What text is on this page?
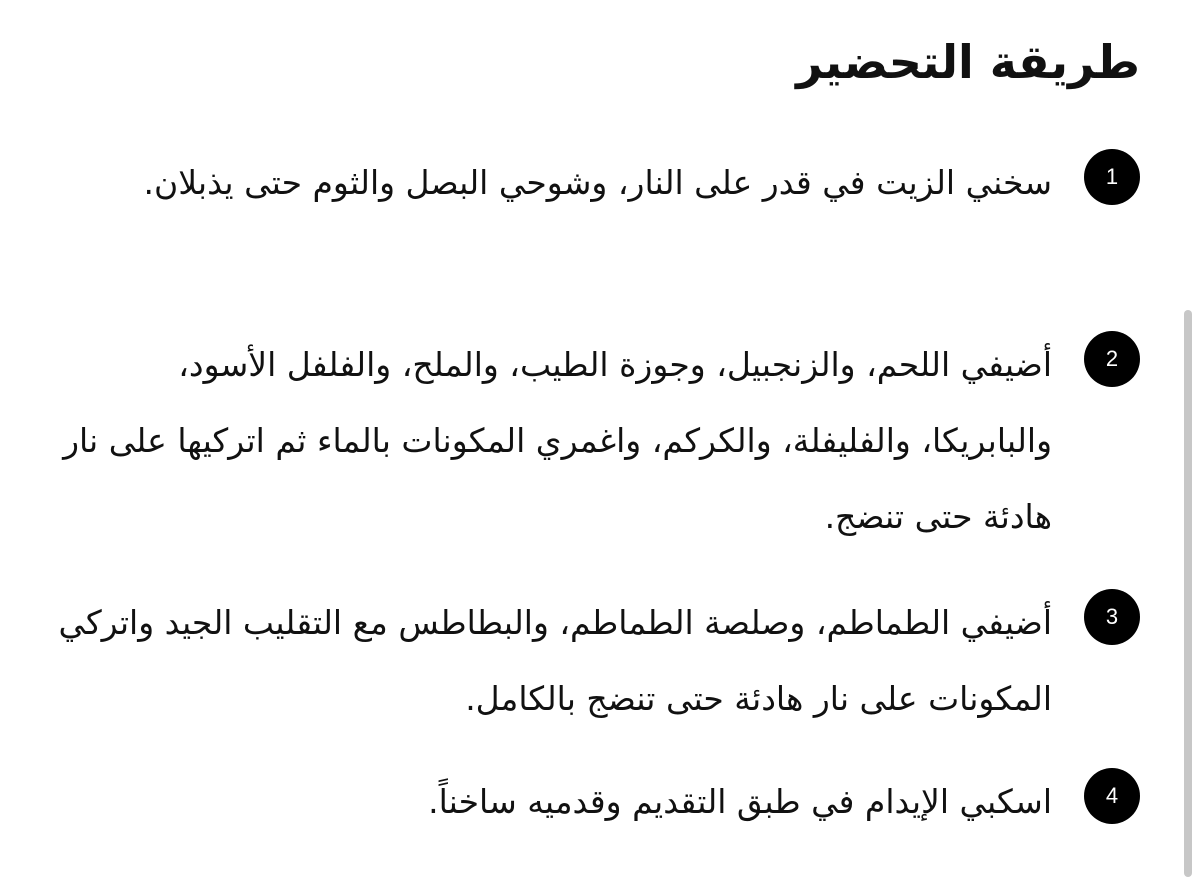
طريقة التحضير
1

سخني الزيت في قدر على النار، وشوحي البصل والثوم حتى يذبلان.

2

أضيفي اللحم، والزنجبيل، وجوزة الطيب، والملح، والفلفل الأسود، والبابريكا، والفليفلة، والكركم، واغمري المكونات بالماء ثم اتركيها على نار هادئة حتى تنضج.

3

أضيفي الطماطم، وصلصة الطماطم، والبطاطس مع التقليب الجيد واتركي المكونات على نار هادئة حتى تنضج بالكامل.

4

اسكبي الإيدام في طبق التقديم وقدميه ساخناً.
